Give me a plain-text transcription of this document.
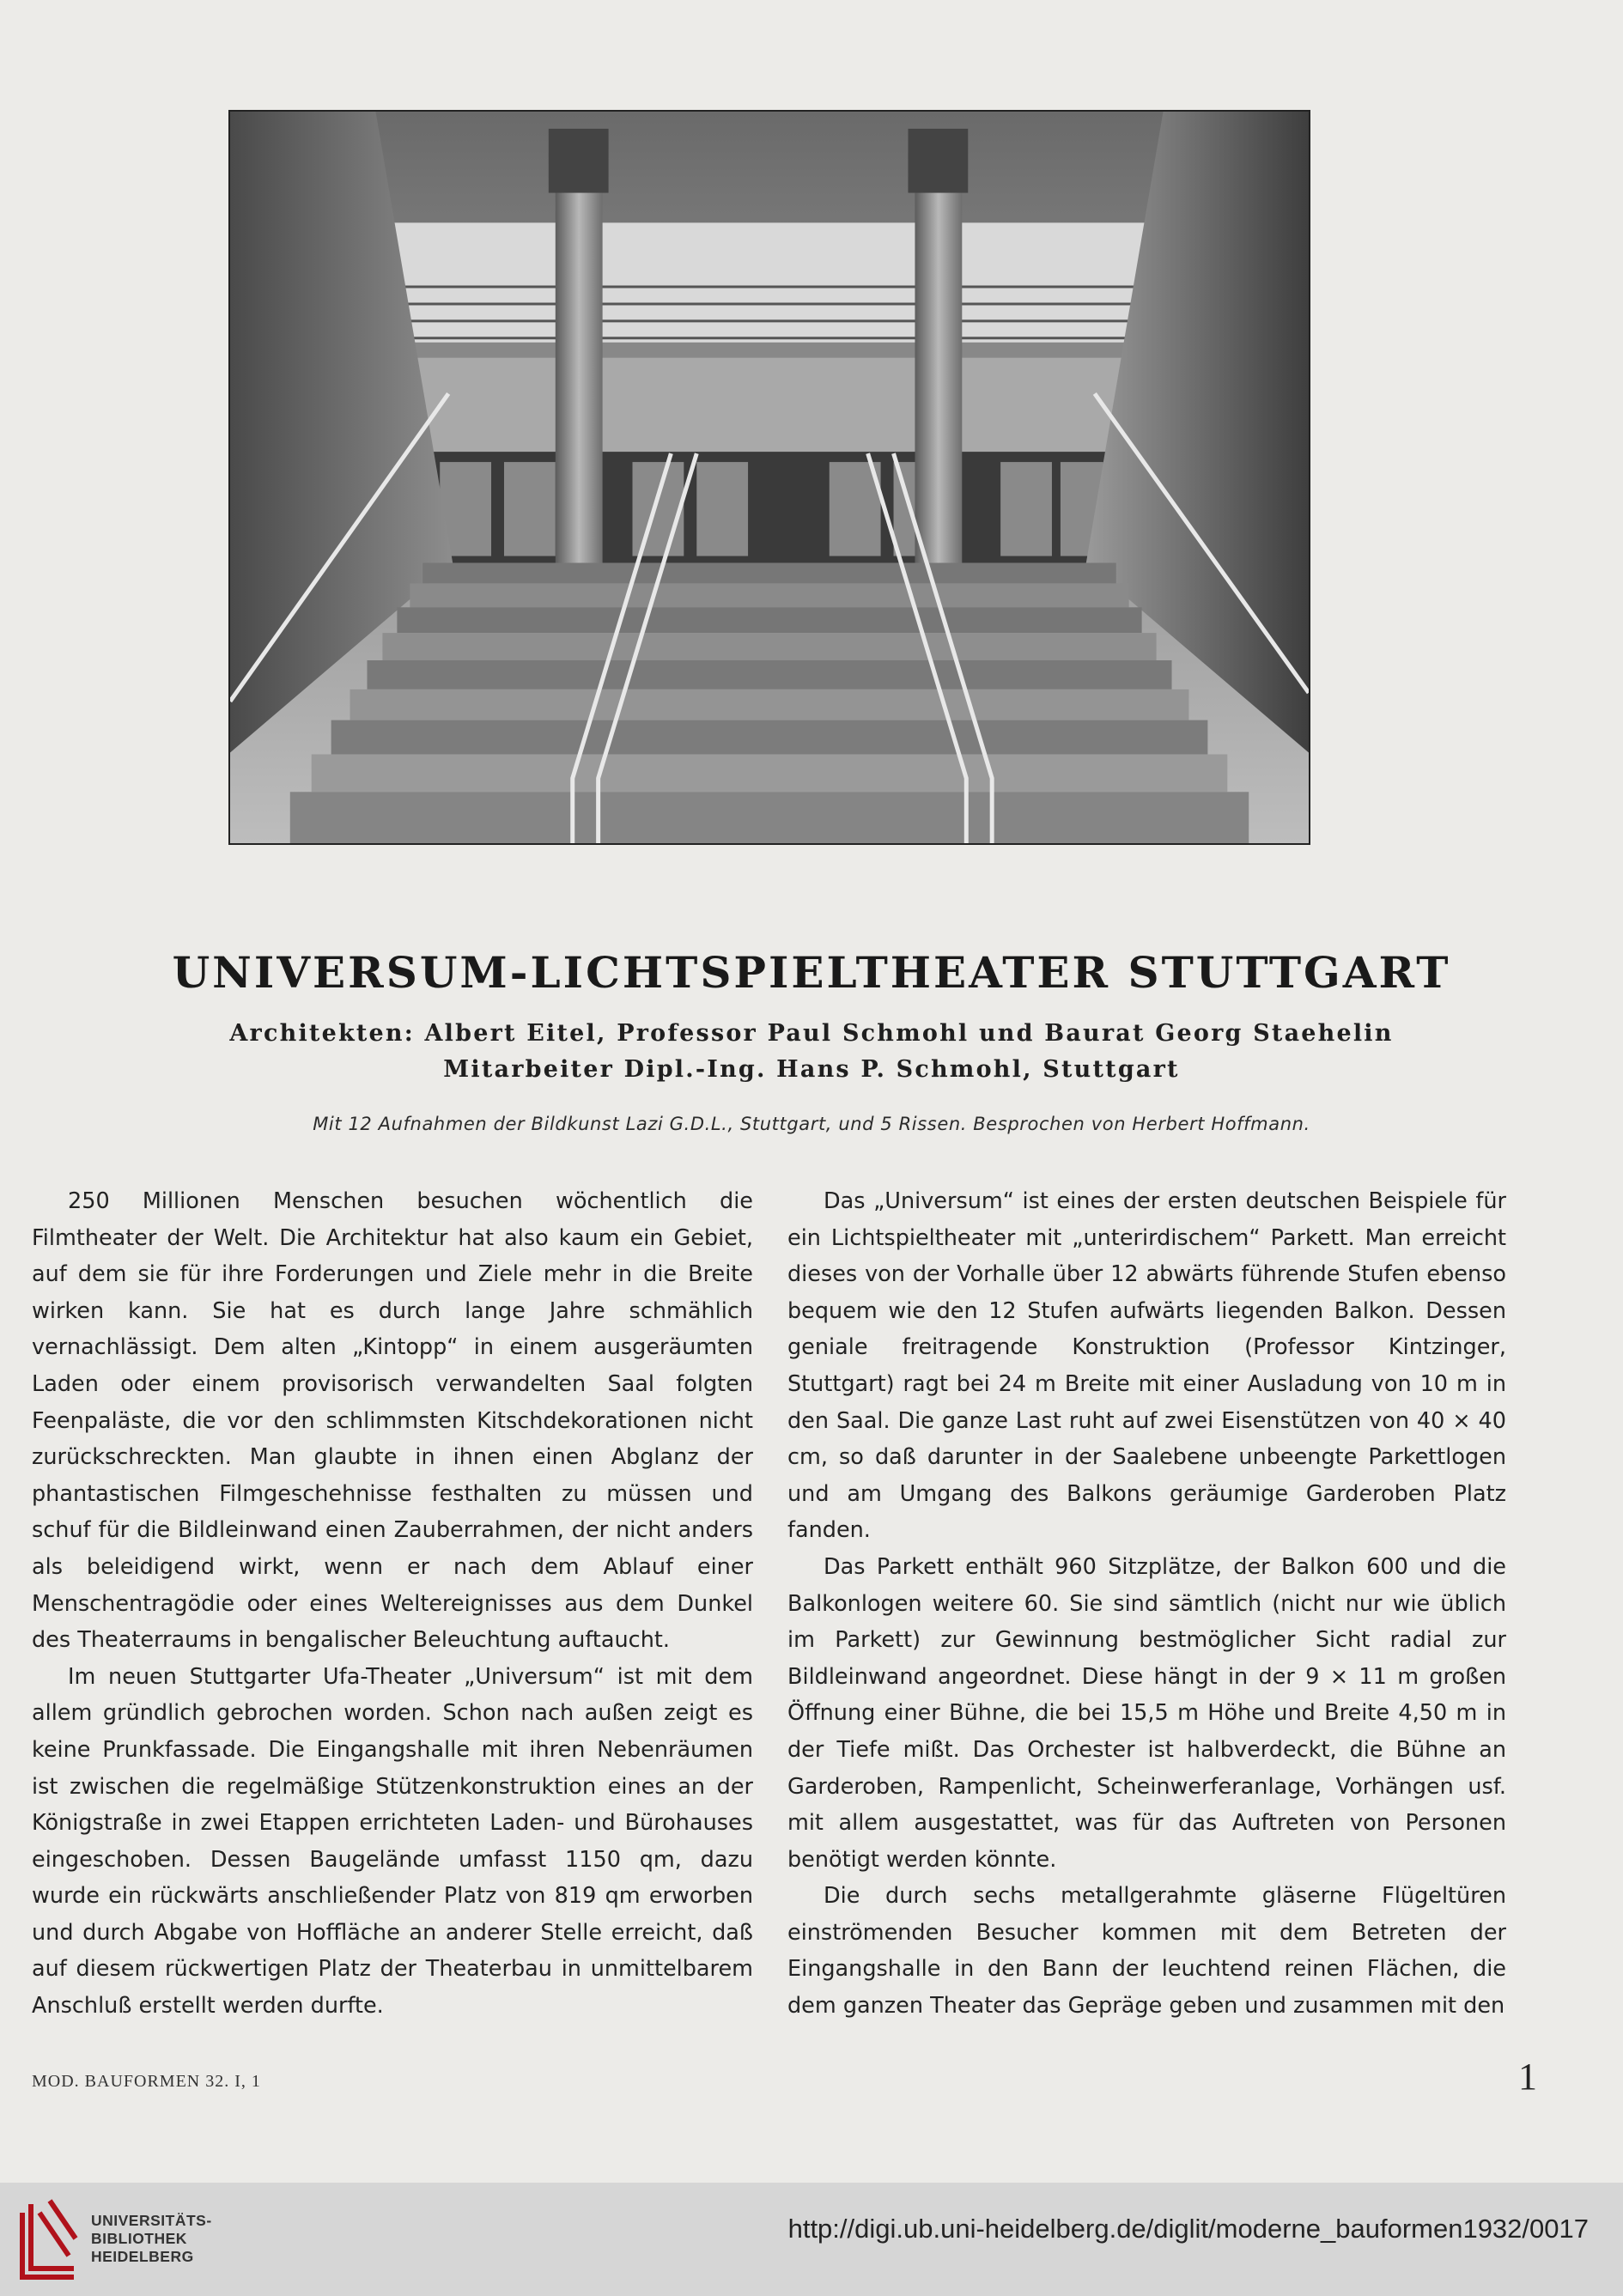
UNIVERSUM-LICHTSPIELTHEATER STUTTGART
Architekten: Albert Eitel, Professor Paul Schmohl und Baurat Georg Staehelin
Mitarbeiter Dipl.-Ing. Hans P. Schmohl, Stuttgart
Mit 12 Aufnahmen der Bildkunst Lazi G.D.L., Stuttgart, und 5 Rissen. Besprochen von Herbert Hoffmann.

250 Millionen Menschen besuchen wöchentlich die Filmtheater der Welt. Die Architektur hat also kaum ein Gebiet, auf dem sie für ihre Forderungen und Ziele mehr in die Breite wirken kann. Sie hat es durch lange Jahre schmählich vernachlässigt. Dem alten „Kintopp“ in einem ausgeräumten Laden oder einem provisorisch verwandelten Saal folgten Feenpaläste, die vor den schlimmsten Kitschdekorationen nicht zurückschreckten. Man glaubte in ihnen einen Abglanz der phantastischen Filmgeschehnisse festhalten zu müssen und schuf für die Bildleinwand einen Zauberrahmen, der nicht anders als beleidigend wirkt, wenn er nach dem Ablauf einer Menschentragödie oder eines Weltereignisses aus dem Dunkel des Theaterraums in bengalischer Beleuchtung auftaucht.

Im neuen Stuttgarter Ufa-Theater „Universum“ ist mit dem allem gründlich gebrochen worden. Schon nach außen zeigt es keine Prunkfassade. Die Eingangshalle mit ihren Nebenräumen ist zwischen die regelmäßige Stützenkonstruktion eines an der Königstraße in zwei Etappen errichteten Laden- und Bürohauses eingeschoben. Dessen Baugelände umfasst 1150 qm, dazu wurde ein rückwärts anschließender Platz von 819 qm erworben und durch Abgabe von Hoffläche an anderer Stelle erreicht, daß auf diesem rückwertigen Platz der Theaterbau in unmittelbarem Anschluß erstellt werden durfte.

Das „Universum“ ist eines der ersten deutschen Beispiele für ein Lichtspieltheater mit „unterirdischem“ Parkett. Man erreicht dieses von der Vorhalle über 12 abwärts führende Stufen ebenso bequem wie den 12 Stufen aufwärts liegenden Balkon. Dessen geniale freitragende Konstruktion (Professor Kintzinger, Stuttgart) ragt bei 24 m Breite mit einer Ausladung von 10 m in den Saal. Die ganze Last ruht auf zwei Eisenstützen von 40 × 40 cm, so daß darunter in der Saalebene unbeengte Parkettlogen und am Umgang des Balkons geräumige Garderoben Platz fanden.

Das Parkett enthält 960 Sitzplätze, der Balkon 600 und die Balkonlogen weitere 60. Sie sind sämtlich (nicht nur wie üblich im Parkett) zur Gewinnung bestmöglicher Sicht radial zur Bildleinwand angeordnet. Diese hängt in der 9 × 11 m großen Öffnung einer Bühne, die bei 15,5 m Höhe und Breite 4,50 m in der Tiefe mißt. Das Orchester ist halbverdeckt, die Bühne an Garderoben, Rampenlicht, Scheinwerferanlage, Vorhängen usf. mit allem ausgestattet, was für das Auftreten von Personen benötigt werden könnte.

Die durch sechs metallgerahmte gläserne Flügeltüren einströmenden Besucher kommen mit dem Betreten der Eingangshalle in den Bann der leuchtend reinen Flächen, die dem ganzen Theater das Gepräge geben und zusammen mit den

MOD. BAUFORMEN 32. I, 1	1
UNIVERSITÄTS-
BIBLIOTHEK
HEIDELBERG
http://digi.ub.uni-heidelberg.de/diglit/moderne_bauformen1932/0017
